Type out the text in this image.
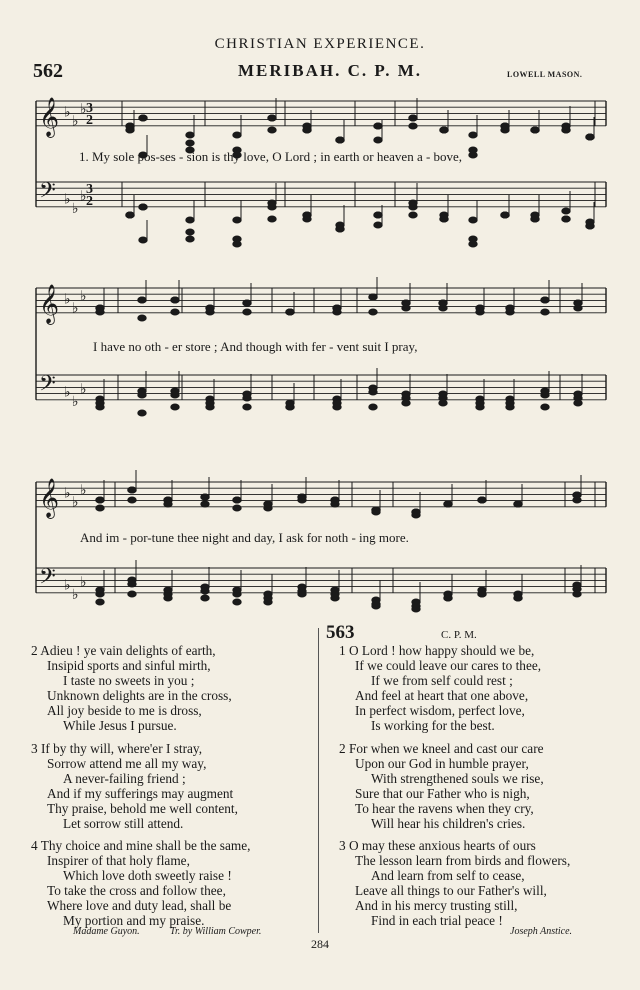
CHRISTIAN EXPERIENCE.
562	MERIBAH. C. P. M.	LOWELL MASON.
𝄞
𝄢
♭
♭
♭
♭
♭
♭
𝄞
𝄢
♭
♭
♭
♭
♭
♭
𝄞
𝄢
♭
♭
♭
♭
♭
♭
3
2
3
2
1. My sole pos-ses - sion is thy love, O Lord ; in earth or heaven a - bove,
I have no oth - er store ; And though with fer - vent suit I pray,
And im - por-tune thee night and day, I ask for noth - ing more.
563	C. P. M.
2 Adieu ! ye vain delights of earth,
Insipid sports and sinful mirth,
I taste no sweets in you ;
Unknown delights are in the cross,
All joy beside to me is dross,
While Jesus I pursue.
3 If by thy will, where'er I stray,
Sorrow attend me all my way,
A never-failing friend ;
And if my sufferings may augment
Thy praise, behold me well content,
Let sorrow still attend.
4 Thy choice and mine shall be the same,
Inspirer of that holy flame,
Which love doth sweetly raise !
To take the cross and follow thee,
Where love and duty lead, shall be
My portion and my praise.
Madame Guyon.	Tr. by William Cowper.
1 O Lord ! how happy should we be,
If we could leave our cares to thee,
If we from self could rest ;
And feel at heart that one above,
In perfect wisdom, perfect love,
Is working for the best.
2 For when we kneel and cast our care
Upon our God in humble prayer,
With strengthened souls we rise,
Sure that our Father who is nigh,
To hear the ravens when they cry,
Will hear his children's cries.
3 O may these anxious hearts of ours
The lesson learn from birds and flowers,
And learn from self to cease,
Leave all things to our Father's will,
And in his mercy trusting still,
Find in each trial peace !
Joseph Anstice.
284
